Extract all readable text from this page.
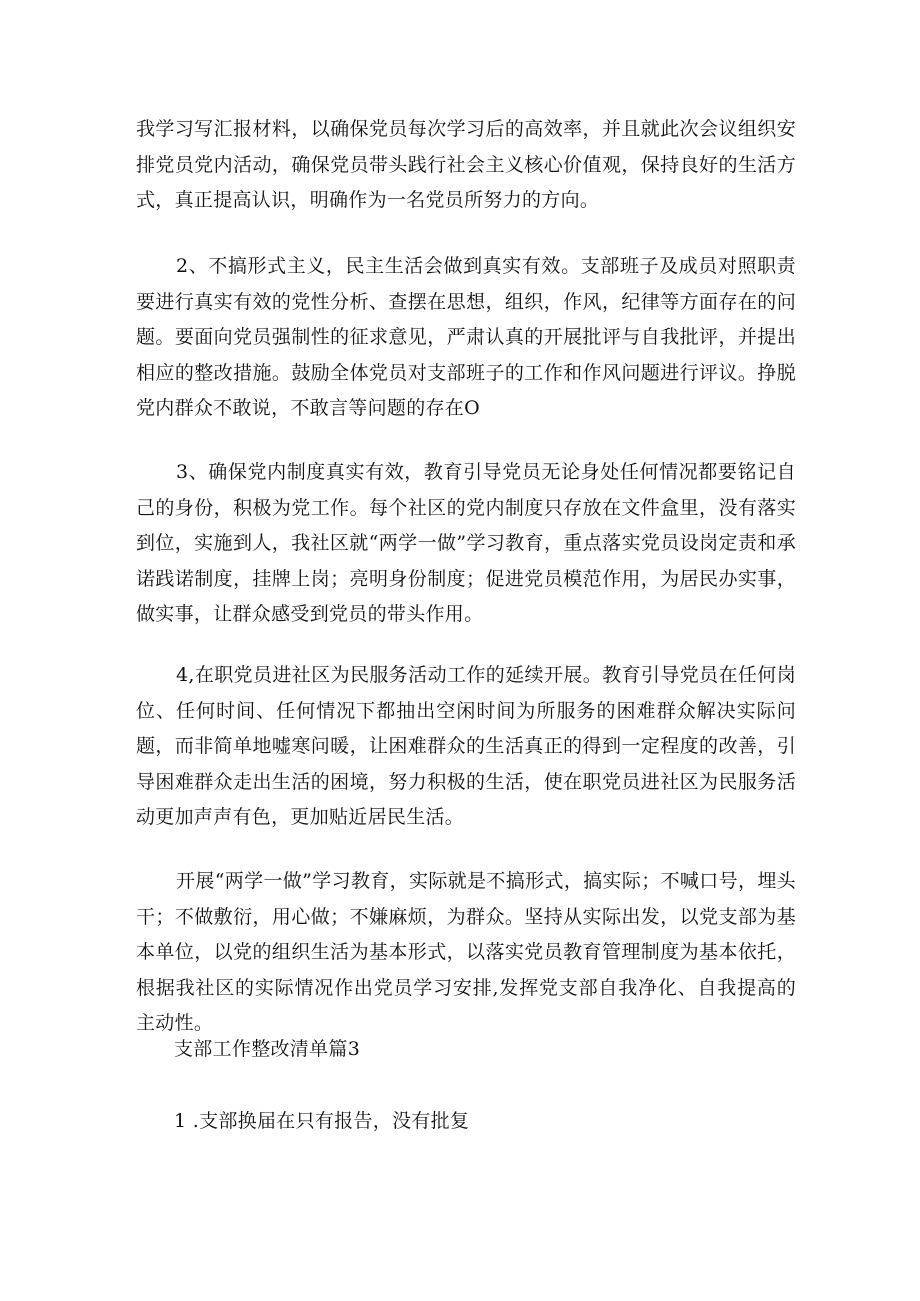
我学习写汇报材料，以确保党员每次学习后的高效率，并且就此次会议组织安排党员党内活动，确保党员带头践行社会主义核心价值观，保持良好的生活方式，真正提高认识，明确作为一名党员所努力的方向。

2、不搞形式主义，民主生活会做到真实有效。支部班子及成员对照职责要进行真实有效的党性分析、查摆在思想，组织，作风，纪律等方面存在的问题。要面向党员强制性的征求意见，严肃认真的开展批评与自我批评，并提出相应的整改措施。鼓励全体党员对支部班子的工作和作风问题进行评议。挣脱党内群众不敢说，不敢言等问题的存在O

3、确保党内制度真实有效，教育引导党员无论身处任何情况都要铭记自己的身份，积极为党工作。每个社区的党内制度只存放在文件盒里，没有落实到位，实施到人，我社区就“两学一做”学习教育，重点落实党员设岗定责和承诺践诺制度，挂牌上岗；亮明身份制度；促进党员模范作用，为居民办实事，做实事，让群众感受到党员的带头作用。

4,在职党员进社区为民服务活动工作的延续开展。教育引导党员在任何岗位、任何时间、任何情况下都抽出空闲时间为所服务的困难群众解决实际问题，而非简单地嘘寒问暖，让困难群众的生活真正的得到一定程度的改善，引导困难群众走出生活的困境，努力积极的生活，使在职党员进社区为民服务活动更加声声有色，更加贴近居民生活。

开展“两学一做”学习教育，实际就是不搞形式，搞实际；不喊口号，埋头干；不做敷衍，用心做；不嫌麻烦，为群众。坚持从实际出发，以党支部为基本单位，以党的组织生活为基本形式，以落实党员教育管理制度为基本依托，根据我社区的实际情况作出党员学习安排,发挥党支部自我净化、自我提高的主动性。

支部工作整改清单篇3

1 .支部换届在只有报告，没有批复
